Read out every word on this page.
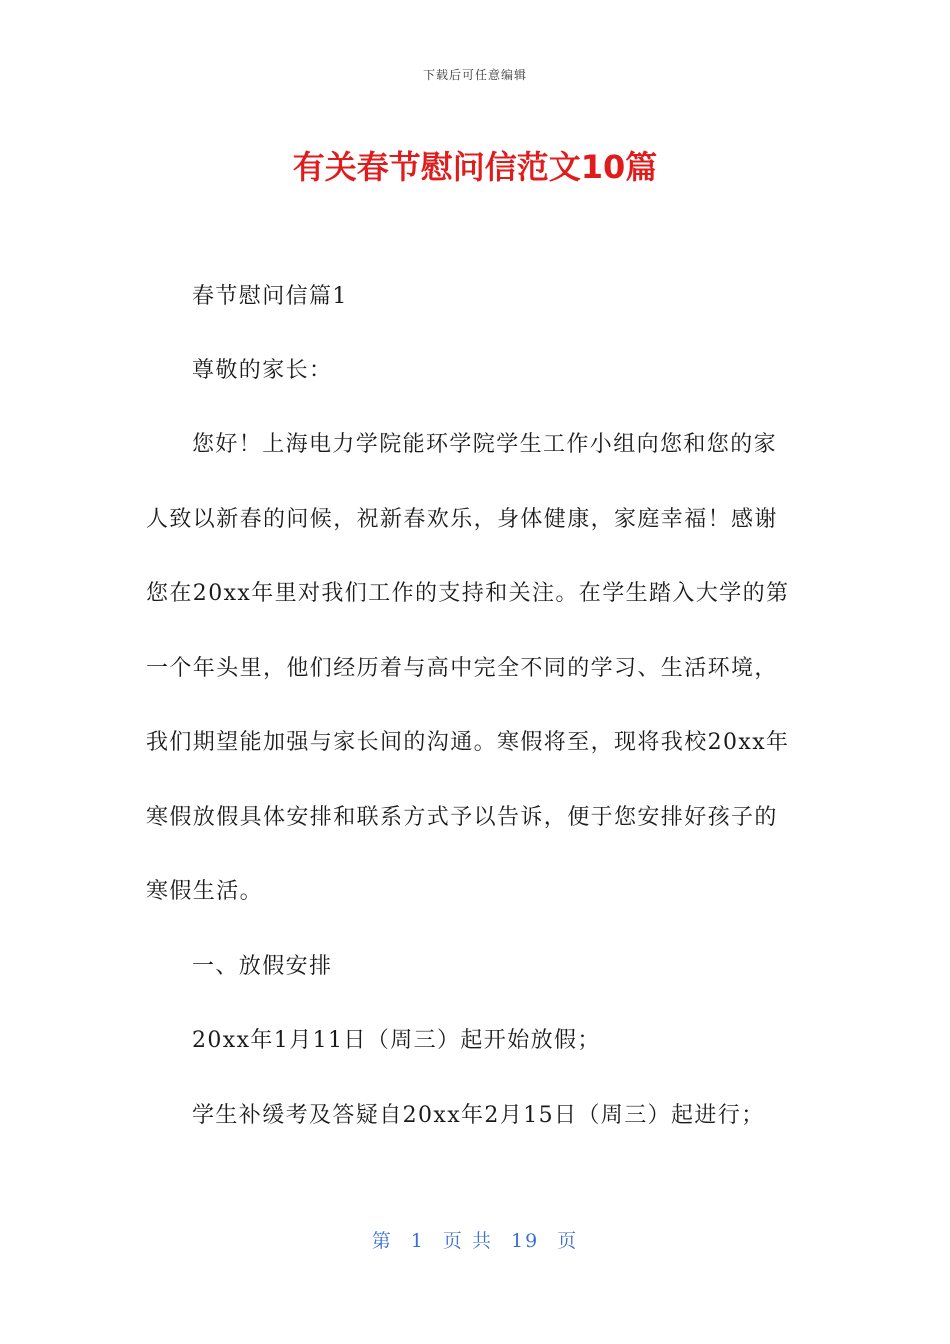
下载后可任意编辑
有关春节慰问信范文10篇
春节慰问信篇1
尊敬的家长：
您好！上海电力学院能环学院学生工作小组向您和您的家
人致以新春的问候，祝新春欢乐，身体健康，家庭幸福！感谢
您在20xx年里对我们工作的支持和关注。在学生踏入大学的第
一个年头里，他们经历着与高中完全不同的学习、生活环境，
我们期望能加强与家长间的沟通。寒假将至，现将我校20xx年
寒假放假具体安排和联系方式予以告诉，便于您安排好孩子的
寒假生活。
一、放假安排
20xx年1月11日（周三）起开始放假；
学生补缓考及答疑自20xx年2月15日（周三）起进行；
第 1 页 共 19 页
